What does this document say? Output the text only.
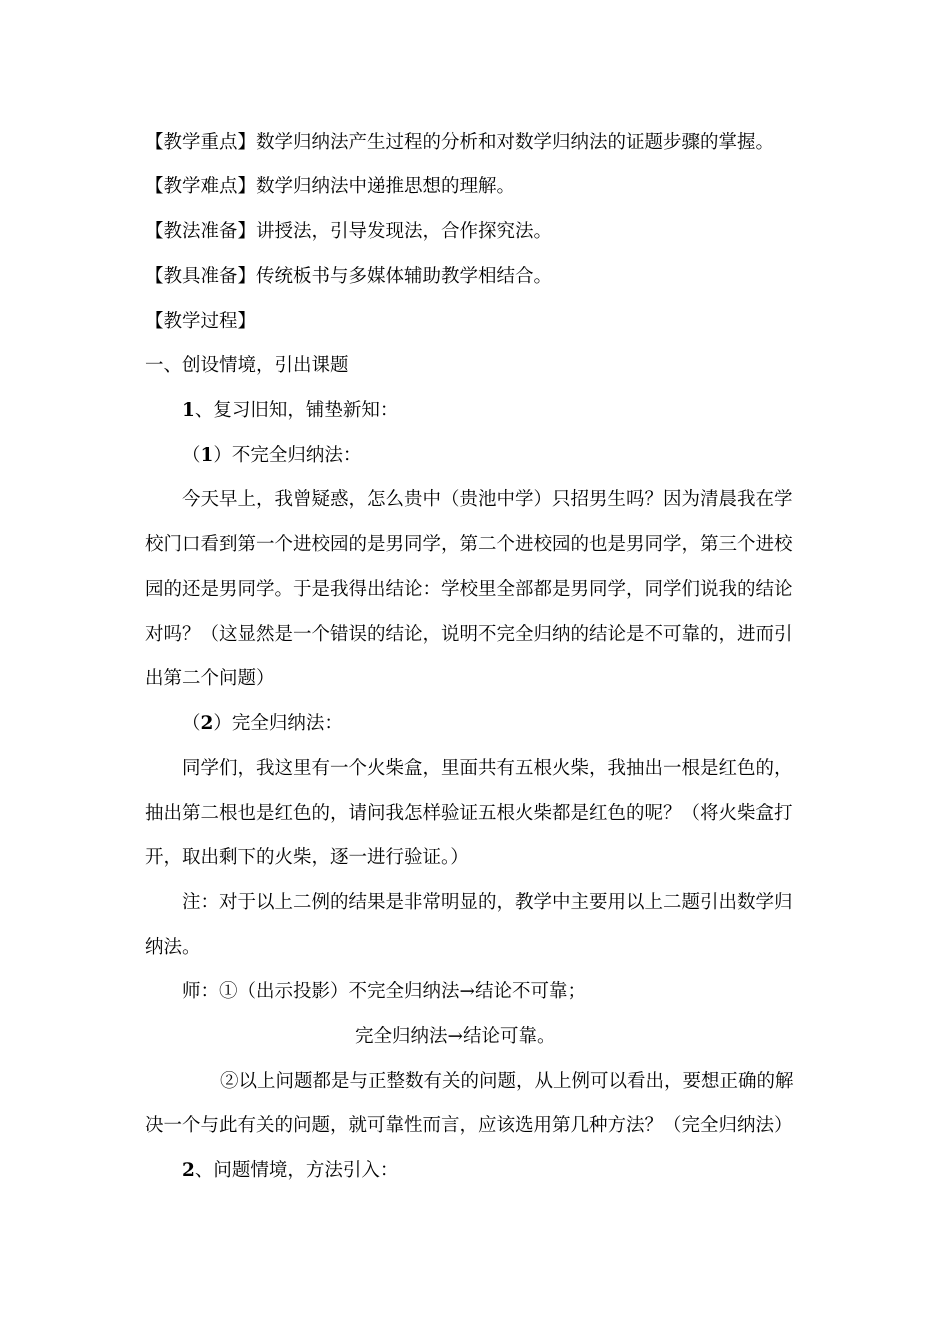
【教学重点】数学归纳法产生过程的分析和对数学归纳法的证题步骤的掌握。
【教学难点】数学归纳法中递推思想的理解。
【教法准备】讲授法，引导发现法，合作探究法。
【教具准备】传统板书与多媒体辅助教学相结合。
【教学过程】
一、创设情境，引出课题
1、复习旧知，铺垫新知：
（1）不完全归纳法：
今天早上，我曾疑惑，怎么贵中（贵池中学）只招男生吗？因为清晨我在学
校门口看到第一个进校园的是男同学，第二个进校园的也是男同学，第三个进校
园的还是男同学。于是我得出结论：学校里全部都是男同学，同学们说我的结论
对吗？（这显然是一个错误的结论，说明不完全归纳的结论是不可靠的，进而引
出第二个问题）
（2）完全归纳法：
同学们，我这里有一个火柴盒，里面共有五根火柴，我抽出一根是红色的，
抽出第二根也是红色的，请问我怎样验证五根火柴都是红色的呢？（将火柴盒打
开，取出剩下的火柴，逐一进行验证。）
注：对于以上二例的结果是非常明显的，教学中主要用以上二题引出数学归
纳法。
师：①（出示投影）不完全归纳法→结论不可靠；
完全归纳法→结论可靠。
②以上问题都是与正整数有关的问题，从上例可以看出，要想正确的解
决一个与此有关的问题，就可靠性而言，应该选用第几种方法？（完全归纳法）
2、问题情境，方法引入：
